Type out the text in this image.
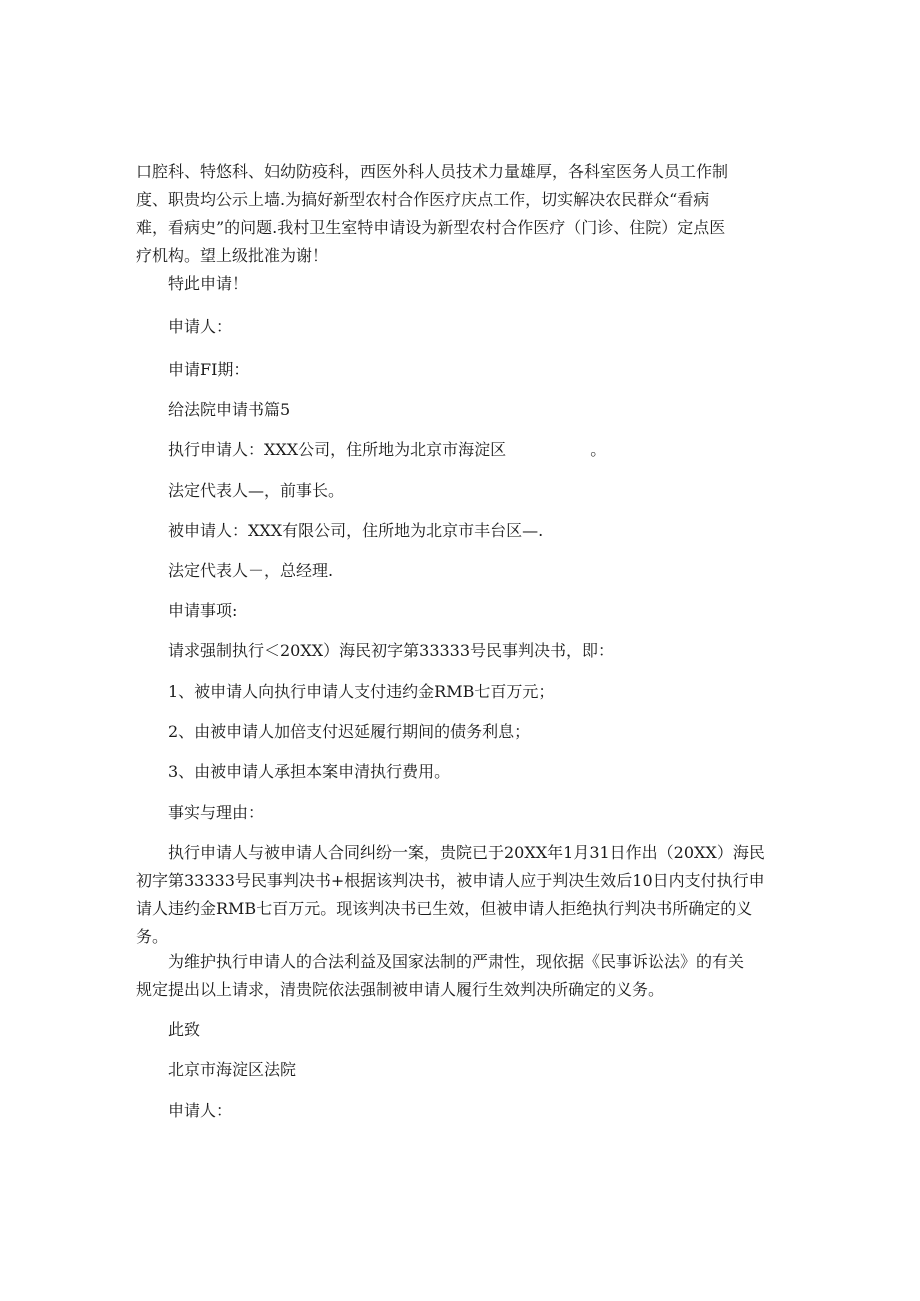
口腔科、特悠科、妇幼防疫科，西医外科人员技术力量雄厚，各科室医务人员工作制
度、职贵均公示上墙.为搞好新型农村合作医疗庆点工作，切实解决农民群众“看病
难，看病史”的问题.我村卫生室特申请设为新型农村合作医疗（门诊、住院）定点医
疗机构。望上级批准为谢！

特此申请！

申请人：

申请FI期：

给法院申请书篇5

执行申请人：XXX公司，住所地为北京市海淀区	。

法定代表人—，前事长。

被申请人：XXX有限公司，住所地为北京市丰台区—.

法定代表人－，总经理.

申请事项:

请求强制执行＜20XX）海民初字第33333号民事判决书，即：

1、被申请人向执行申请人支付违约金RMB七百万元；

2、由被申请人加倍支付迟延履行期间的债务利息；

3、由被申请人承担本案申清执行费用。

事实与理由：

执行申请人与被申请人合同纠纷一案，贵院已于20XX年1月31日作出（20XX）海民
初字第33333号民事判决书+根据该判决书，被申请人应于判决生效后10日内支付执行申
请人违约金RMB七百万元。现该判决书已生效，但被申请人拒绝执行判决书所确定的义
务。
为维护执行申请人的合法利益及国家法制的严肃性，现依据《民事诉讼法》的有关
规定提出以上请求，清贵院依法强制被申请人履行生效判决所确定的义务。

此致

北京市海淀区法院

申请人：
